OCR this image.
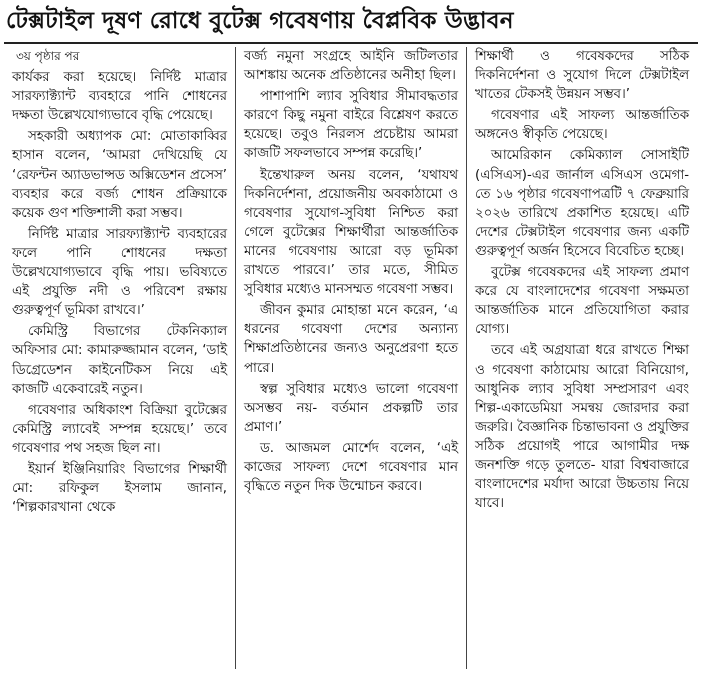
টেক্সটাইল দূষণ রোধে বুটেক্স গবেষণায় বৈপ্লবিক উদ্ভাবন
৩য় পৃষ্ঠার পর

কার্যকর করা হয়েছে। নির্দিষ্ট মাত্রার সারফ্যাক্ট্যান্ট ব্যবহারে পানি শোধনের দক্ষতা উল্লেখযোগ্যভাবে বৃদ্ধি পেয়েছে।

সহকারী অধ্যাপক মো: মোতাকাব্বির হাসান বলেন, ‘আমরা দেখিয়েছি যে ‘রেফন্টন অ্যাডভান্সড অক্সিডেশন প্রসেস’ ব্যবহার করে বর্জ্য শোধন প্রক্রিয়াকে কয়েক গুণ শক্তিশালী করা সম্ভব।

নির্দিষ্ট মাত্রার সারফ্যাক্ট্যান্ট ব্যবহারের ফলে পানি শোধনের দক্ষতা উল্লেখযোগ্যভাবে বৃদ্ধি পায়। ভবিষ্যতে এই প্রযুক্তি নদী ও পরিবেশ রক্ষায় গুরুত্বপূর্ণ ভূমিকা রাখবে।’

কেমিস্ট্রি বিভাগের টেকনিক্যাল অফিসার মো: কামারুজ্জামান বলেন, ‘ডাই ডিগ্রেডেশন কাইনেটিকস নিয়ে এই কাজটি একেবারেই নতুন।

গবেষণার অধিকাংশ বিক্রিয়া বুটেক্সের কেমিস্ট্রি ল্যাবেই সম্পন্ন হয়েছে।’ তবে গবেষণার পথ সহজ ছিল না।

ইয়ার্ন ইঞ্জিনিয়ারিং বিভাগের শিক্ষার্থী মো: রফিকুল ইসলাম জানান, ‘শিল্পকারখানা থেকে

বর্জ্য নমুনা সংগ্রহে আইনি জটিলতার আশঙ্কায় অনেক প্রতিষ্ঠানের অনীহা ছিল।

পাশাপাশি ল্যাব সুবিধার সীমাবদ্ধতার কারণে কিছু নমুনা বাইরে বিশ্লেষণ করতে হয়েছে। তবুও নিরলস প্রচেষ্টায় আমরা কাজটি সফলভাবে সম্পন্ন করেছি।’

ইন্তেখারুল অনয় বলেন, ‘যথাযথ দিকনির্দেশনা, প্রয়োজনীয় অবকাঠামো ও গবেষণার সুযোগ-সুবিধা নিশ্চিত করা গেলে বুটেক্সের শিক্ষার্থীরা আন্তর্জাতিক মানের গবেষণায় আরো বড় ভূমিকা রাখতে পারবে।’ তার মতে, সীমিত সুবিধার মধ্যেও মানসম্মত গবেষণা সম্ভব।

জীবন কুমার মোহান্তা মনে করেন, ‘এ ধরনের গবেষণা দেশের অন্যান্য শিক্ষাপ্রতিষ্ঠানের জন্যও অনুপ্রেরণা হতে পারে।

স্বল্প সুবিধার মধ্যেও ভালো গবেষণা অসম্ভব নয়- বর্তমান প্রকল্পটি তার প্রমাণ।’

ড. আজমল মোর্শেদ বলেন, ‘এই কাজের সাফল্য দেশে গবেষণার মান বৃদ্ধিতে নতুন দিক উন্মোচন করবে।

শিক্ষার্থী ও গবেষকদের সঠিক দিকনির্দেশনা ও সুযোগ দিলে টেক্সটাইল খাতের টেকসই উন্নয়ন সম্ভব।’

গবেষণার এই সাফল্য আন্তর্জাতিক অঙ্গনেও স্বীকৃতি পেয়েছে।

আমেরিকান কেমিক্যাল সোসাইটি (এসিএস)-এর জার্নাল এসিএস ওমেগা-তে ১৬ পৃষ্ঠার গবেষণাপত্রটি ৭ ফেব্রুয়ারি ২০২৬ তারিখে প্রকাশিত হয়েছে। এটি দেশের টেক্সটাইল গবেষণার জন্য একটি গুরুত্বপূর্ণ অর্জন হিসেবে বিবেচিত হচ্ছে।

বুটেক্স গবেষকদের এই সাফল্য প্রমাণ করে যে বাংলাদেশের গবেষণা সক্ষমতা আন্তর্জাতিক মানে প্রতিযোগিতা করার যোগ্য।

তবে এই অগ্রযাত্রা ধরে রাখতে শিক্ষা ও গবেষণা কাঠামোয় আরো বিনিয়োগ, আধুনিক ল্যাব সুবিধা সম্প্রসারণ এবং শিল্প-একাডেমিয়া সমন্বয় জোরদার করা জরুরি। বৈজ্ঞানিক চিন্তাভাবনা ও প্রযুক্তির সঠিক প্রয়োগই পারে আগামীর দক্ষ জনশক্তি গড়ে তুলতে- যারা বিশ্ববাজারে বাংলাদেশের মর্যাদা আরো উচ্চতায় নিয়ে যাবে।
